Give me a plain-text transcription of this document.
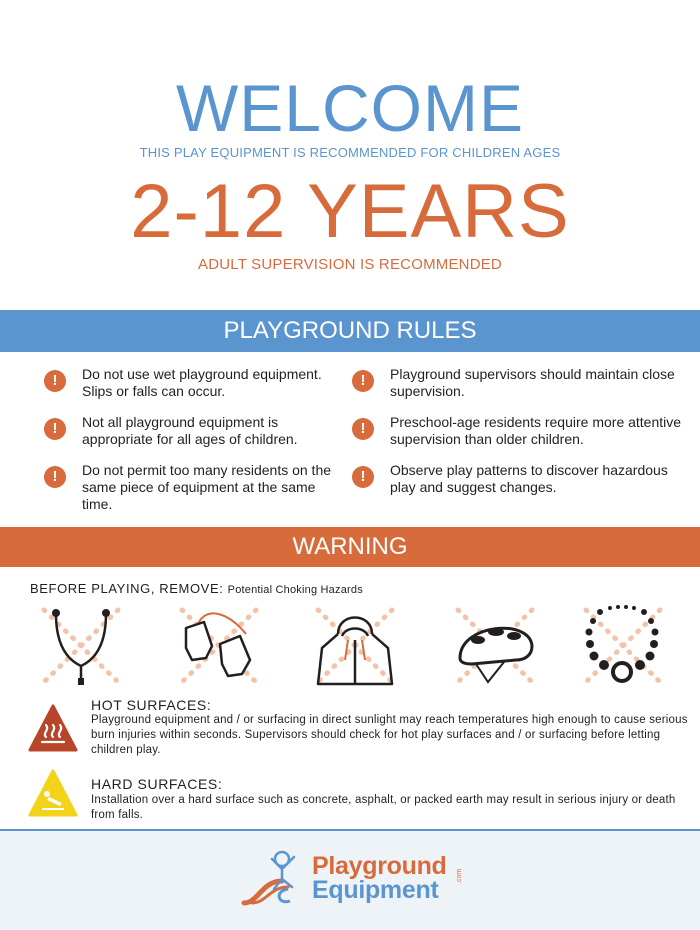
WELCOME
THIS PLAY EQUIPMENT IS RECOMMENDED FOR CHILDREN AGES
2-12 YEARS
ADULT SUPERVISION IS RECOMMENDED
PLAYGROUND RULES
!	Do not use wet playground equipment. Slips or falls can occur.
!	Not all playground equipment is appropriate for all ages of children.
!	Do not permit too many residents on the same piece of equipment at the same time.
!	Playground supervisors should maintain close supervision.
!	Preschool-age residents require more attentive supervision than older children.
!	Observe play patterns to discover hazardous play and suggest changes.
WARNING
BEFORE PLAYING, REMOVE: Potential Choking Hazards
HOT SURFACES:
Playground equipment and / or surfacing in direct sunlight may reach temperatures high enough to cause serious burn injuries within seconds. Supervisors should check for hot play surfaces and / or surfacing before letting children play.
HARD SURFACES:
Installation over a hard surface such as concrete, asphalt, or packed earth may result in serious injury or death from falls.
Playground
Equipment	.com
